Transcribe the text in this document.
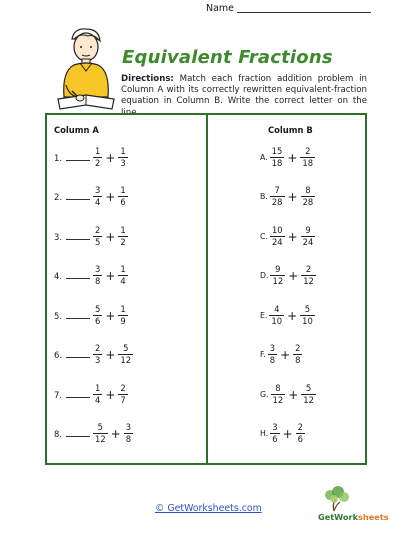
Name
Equivalent Fractions
Directions: Match each fraction addition problem in Column A with its correctly rewritten equivalent-fraction equation in Column B. Write the correct letter on the line.
Column A	Column B
1.	$\frac{1}{2} + \frac{1}{3}$
2.	$\frac{3}{4} + \frac{1}{6}$
3.	$\frac{2}{5} + \frac{1}{2}$
4.	$\frac{3}{8} + \frac{1}{4}$
5.	$\frac{5}{6} + \frac{1}{9}$
6.	$\frac{2}{3} + \frac{5}{12}$
7.	$\frac{1}{4} + \frac{2}{7}$
8.	$\frac{5}{12} + \frac{3}{8}$
A. $\frac{15}{18} + \frac{2}{18}$
B. $\frac{7}{28} + \frac{8}{28}$
C. $\frac{10}{24} + \frac{9}{24}$
D. $\frac{9}{12} + \frac{2}{12}$
E. $\frac{4}{10} + \frac{5}{10}$
F. $\frac{3}{8} + \frac{2}{8}$
G. $\frac{8}{12} + \frac{5}{12}$
H. $\frac{3}{6} + \frac{2}{6}$
© GetWorksheets.com
GetWorksheets
